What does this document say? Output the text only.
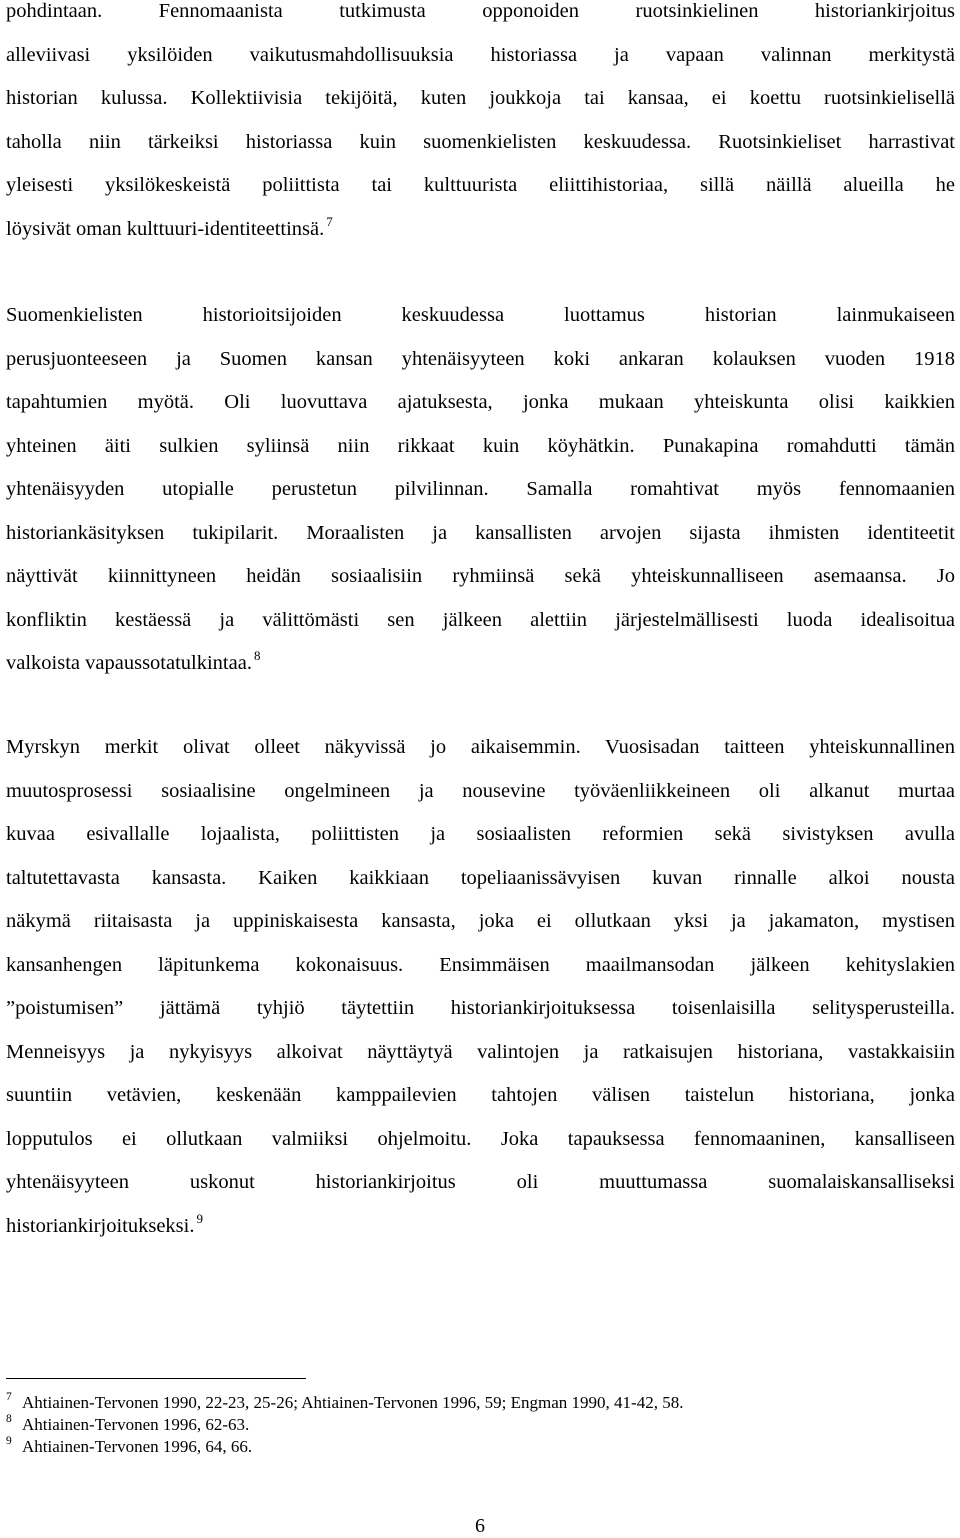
pohdintaan. Fennomaanista tutkimusta opponoiden ruotsinkielinen historiankirjoitus
alleviivasi yksilöiden vaikutusmahdollisuuksia historiassa ja vapaan valinnan merkitystä
historian kulussa. Kollektiivisia tekijöitä, kuten joukkoja tai kansaa, ei koettu ruotsinkielisellä
taholla niin tärkeiksi historiassa kuin suomenkielisten keskuudessa. Ruotsinkieliset harrastivat
yleisesti yksilökeskeistä poliittista tai kulttuurista eliittihistoriaa, sillä näillä alueilla he
löysivät oman kulttuuri-identiteettinsä. $^7$

Suomenkielisten historioitsijoiden keskuudessa luottamus historian lainmukaiseen
perusjuonteeseen ja Suomen kansan yhtenäisyyteen koki ankaran kolauksen vuoden 1918
tapahtumien myötä. Oli luovuttava ajatuksesta, jonka mukaan yhteiskunta olisi kaikkien
yhteinen äiti sulkien syliinsä niin rikkaat kuin köyhätkin. Punakapina romahdutti tämän
yhtenäisyyden utopialle perustetun pilvilinnan. Samalla romahtivat myös fennomaanien
historiankäsityksen tukipilarit. Moraalisten ja kansallisten arvojen sijasta ihmisten identiteetit
näyttivät kiinnittyneen heidän sosiaalisiin ryhmiinsä sekä yhteiskunnalliseen asemaansa. Jo
konfliktin kestäessä ja välittömästi sen jälkeen alettiin järjestelmällisesti luoda idealisoitua
valkoista vapaussotatulkintaa. $^8$

Myrskyn merkit olivat olleet näkyvissä jo aikaisemmin. Vuosisadan taitteen yhteiskunnallinen
muutosprosessi sosiaalisine ongelmineen ja nousevine työväenliikkeineen oli alkanut murtaa
kuvaa esivallalle lojaalista, poliittisten ja sosiaalisten reformien sekä sivistyksen avulla
taltutettavasta kansasta. Kaiken kaikkiaan topeliaanissävyisen kuvan rinnalle alkoi nousta
näkymä riitaisasta ja uppiniskaisesta kansasta, joka ei ollutkaan yksi ja jakamaton, mystisen
kansanhengen läpitunkema kokonaisuus. Ensimmäisen maailmansodan jälkeen kehityslakien
”poistumisen” jättämä tyhjiö täytettiin historiankirjoituksessa toisenlaisilla selitysperusteilla.
Menneisyys ja nykyisyys alkoivat näyttäytyä valintojen ja ratkaisujen historiana, vastakkaisiin
suuntiin vetävien, keskenään kamppailevien tahtojen välisen taistelun historiana, jonka
lopputulos ei ollutkaan valmiiksi ohjelmoitu. Joka tapauksessa fennomaaninen, kansalliseen
yhtenäisyyteen uskonut historiankirjoitus oli muuttumassa suomalaiskansalliseksi
historiankirjoitukseksi. $^9$

7 Ahtiainen-Tervonen 1990, 22-23, 25-26; Ahtiainen-Tervonen 1996, 59; Engman 1990, 41-42, 58.
8 Ahtiainen-Tervonen 1996, 62-63.
9 Ahtiainen-Tervonen 1996, 64, 66.
6
